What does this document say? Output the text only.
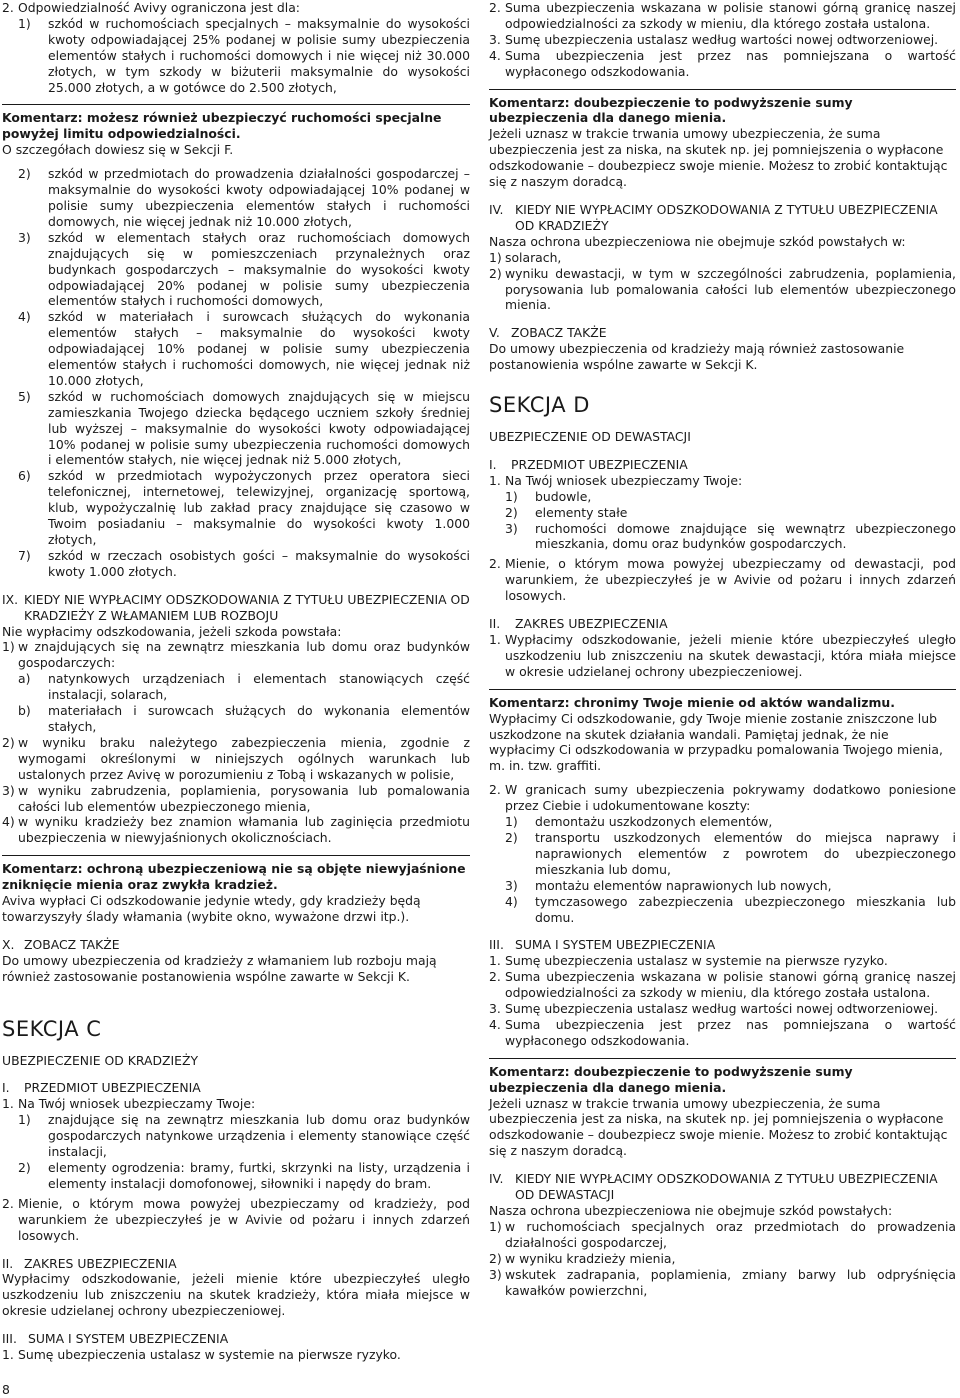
2. Odpowiedzialność Avivy ograniczona jest dla:
1)	szkód w ruchomościach specjalnych – maksymalnie do wysokości kwoty odpowiadającej 25% podanej w polisie sumy ubezpieczenia elementów stałych i ruchomości domowych i nie więcej niż 30.000 złotych, w tym szkody w biżuterii maksymalnie do wysokości 25.000 złotych, a w gotówce do 2.500 złotych,

Komentarz: możesz również ubezpieczyć ruchomości specjalne powyżej limitu odpowiedzialności.

O szczegółach dowiesz się w Sekcji F.

2)	szkód w przedmiotach do prowadzenia działalności gospodarczej – maksymalnie do wysokości kwoty odpowiadającej 10% podanej w polisie sumy ubezpieczenia elementów stałych i ruchomości domowych, nie więcej jednak niż 10.000 złotych,
3)	szkód w elementach stałych oraz ruchomościach domowych znajdujących się w pomieszczeniach przynależnych oraz budynkach gospodarczych – maksymalnie do wysokości kwoty odpowiadającej 20% podanej w polisie sumy ubezpieczenia elementów stałych i ruchomości domowych,
4)	szkód w materiałach i surowcach służących do wykonania elementów stałych – maksymalnie do wysokości kwoty odpowiadającej 10% podanej w polisie sumy ubezpieczenia elementów stałych i ruchomości domowych, nie więcej jednak niż 10.000 złotych,
5)	szkód w ruchomościach domowych znajdujących się w miejscu zamieszkania Twojego dziecka będącego uczniem szkoły średniej lub wyższej – maksymalnie do wysokości kwoty odpowiadającej 10% podanej w polisie sumy ubezpieczenia ruchomości domowych i elementów stałych, nie więcej jednak niż 5.000 złotych,
6)	szkód w przedmiotach wypożyczonych przez operatora sieci telefonicznej, internetowej, telewizyjnej, organizację sportową, klub, wypożyczalnię lub zakład pracy znajdujące się czasowo w Twoim posiadaniu – maksymalnie do wysokości kwoty 1.000 złotych,
7)	szkód w rzeczach osobistych gości – maksymalnie do wysokości kwoty 1.000 złotych.
IX. KIEDY NIE WYPŁACIMY ODSZKODOWANIA Z TYTUŁU UBEZPIECZENIA OD KRADZIEŻY Z WŁAMANIEM LUB ROZBOJU

Nie wypłacimy odszkodowania, jeżeli szkoda powstała:

1) w znajdujących się na zewnątrz mieszkania lub domu oraz budynków gospodarczych:
a)	natynkowych urządzeniach i elementach stanowiących część instalacji, solarach,
b)	materiałach i surowcach służących do wykonania elementów stałych,
2) w wyniku braku należytego zabezpieczenia mienia, zgodnie z wymogami określonymi w niniejszych ogólnych warunkach lub ustalonych przez Avivę w porozumieniu z Tobą i wskazanych w polisie,
3) w wyniku zabrudzenia, poplamienia, porysowania lub pomalowania całości lub elementów ubezpieczonego mienia,
4) w wyniku kradzieży bez znamion włamania lub zaginięcia przedmiotu ubezpieczenia w niewyjaśnionych okolicznościach.

Komentarz: ochroną ubezpieczeniową nie są objęte niewyjaśnione zniknięcie mienia oraz zwykła kradzież.

Aviva wypłaci Ci odszkodowanie jedynie wtedy, gdy kradzieży będą towarzyszyły ślady włamania (wybite okno, wyważone drzwi itp.).

X. ZOBACZ TAKŻE

Do umowy ubezpieczenia od kradzieży z włamaniem lub rozboju mają również zastosowanie postanowienia wspólne zawarte w Sekcji K.

SEKCJA C

UBEZPIECZENIE OD KRADZIEŻY

I.	PRZEDMIOT UBEZPIECZENIA
1. Na Twój wniosek ubezpieczamy Twoje:
1)	znajdujące się na zewnątrz mieszkania lub domu oraz budynków gospodarczych natynkowe urządzenia i elementy stanowiące część instalacji,
2)	elementy ogrodzenia: bramy, furtki, skrzynki na listy, urządzenia i elementy instalacji domofonowej, siłowniki i napędy do bram.
2. Mienie, o którym mowa powyżej ubezpieczamy od kradzieży, pod warunkiem że ubezpieczyłeś je w Avivie od pożaru i innych zdarzeń losowych.
II. ZAKRES UBEZPIECZENIA

Wypłacimy odszkodowanie, jeżeli mienie które ubezpieczyłeś uległo uszkodzeniu lub zniszczeniu na skutek kradzieży, która miała miejsce w okresie udzielanej ochrony ubezpieczeniowej.

III. SUMA I SYSTEM UBEZPIECZENIA
1. Sumę ubezpieczenia ustalasz w systemie na pierwsze ryzyko.
8
2. Suma ubezpieczenia wskazana w polisie stanowi górną granicę naszej odpowiedzialności za szkody w mieniu, dla którego została ustalona.
3. Sumę ubezpieczenia ustalasz według wartości nowej odtworzeniowej.
4. Suma ubezpieczenia jest przez nas pomniejszana o wartość wypłaconego odszkodowania.

Komentarz: doubezpieczenie to podwyższenie sumy ubezpieczenia dla danego mienia.

Jeżeli uznasz w trakcie trwania umowy ubezpieczenia, że suma ubezpieczenia jest za niska, na skutek np. jej pomniejszenia o wypłacone odszkodowanie – doubezpiecz swoje mienie. Możesz to zrobić kontaktując się z naszym doradcą.

IV. KIEDY NIE WYPŁACIMY ODSZKODOWANIA Z TYTUŁU UBEZPIECZENIA OD KRADZIEŻY

Nasza ochrona ubezpieczeniowa nie obejmuje szkód powstałych w:

1) solarach,
2) wyniku dewastacji, w tym w szczególności zabrudzenia, poplamienia, porysowania lub pomalowania całości lub elementów ubezpieczonego mienia.
V. ZOBACZ TAKŻE

Do umowy ubezpieczenia od kradzieży mają również zastosowanie postanowienia wspólne zawarte w Sekcji K.

SEKCJA D

UBEZPIECZENIE OD DEWASTACJI

I.	PRZEDMIOT UBEZPIECZENIA
1. Na Twój wniosek ubezpieczamy Twoje:
1)	budowle,
2)	elementy stałe
3)	ruchomości domowe znajdujące się wewnątrz ubezpieczonego mieszkania, domu oraz budynków gospodarczych.
2. Mienie, o którym mowa powyżej ubezpieczamy od dewastacji, pod warunkiem, że ubezpieczyłeś je w Avivie od pożaru i innych zdarzeń losowych.
II.	ZAKRES UBEZPIECZENIA
1. Wypłacimy odszkodowanie, jeżeli mienie które ubezpieczyłeś uległo uszkodzeniu lub zniszczeniu na skutek dewastacji, która miała miejsce w okresie udzielanej ochrony ubezpieczeniowej.

Komentarz: chronimy Twoje mienie od aktów wandalizmu.

Wypłacimy Ci odszkodowanie, gdy Twoje mienie zostanie zniszczone lub uszkodzone na skutek działania wandali. Pamiętaj jednak, że nie wypłacimy Ci odszkodowania w przypadku pomalowania Twojego mienia, m. in. tzw. graffiti.

2. W granicach sumy ubezpieczenia pokrywamy dodatkowo poniesione przez Ciebie i udokumentowane koszty:
1)	demontażu uszkodzonych elementów,
2)	transportu uszkodzonych elementów do miejsca naprawy i naprawionych elementów z powrotem do ubezpieczonego mieszkania lub domu,
3)	montażu elementów naprawionych lub nowych,
4)	tymczasowego zabezpieczenia ubezpieczonego mieszkania lub domu.
III. SUMA I SYSTEM UBEZPIECZENIA
1. Sumę ubezpieczenia ustalasz w systemie na pierwsze ryzyko.
2. Suma ubezpieczenia wskazana w polisie stanowi górną granicę naszej odpowiedzialności za szkody w mieniu, dla którego została ustalona.
3. Sumę ubezpieczenia ustalasz według wartości nowej odtworzeniowej.
4. Suma ubezpieczenia jest przez nas pomniejszana o wartość wypłaconego odszkodowania.

Komentarz: doubezpieczenie to podwyższenie sumy ubezpieczenia dla danego mienia.

Jeżeli uznasz w trakcie trwania umowy ubezpieczenia, że suma ubezpieczenia jest za niska, na skutek np. jej pomniejszenia o wypłacone odszkodowanie – doubezpiecz swoje mienie. Możesz to zrobić kontaktując się z naszym doradcą.

IV. KIEDY NIE WYPŁACIMY ODSZKODOWANIA Z TYTUŁU UBEZPIECZENIA OD DEWASTACJI

Nasza ochrona ubezpieczeniowa nie obejmuje szkód powstałych:

1) w ruchomościach specjalnych oraz przedmiotach do prowadzenia działalności gospodarczej,
2) w wyniku kradzieży mienia,
3) wskutek zadrapania, poplamienia, zmiany barwy lub odpryśnięcia kawałków powierzchni,
